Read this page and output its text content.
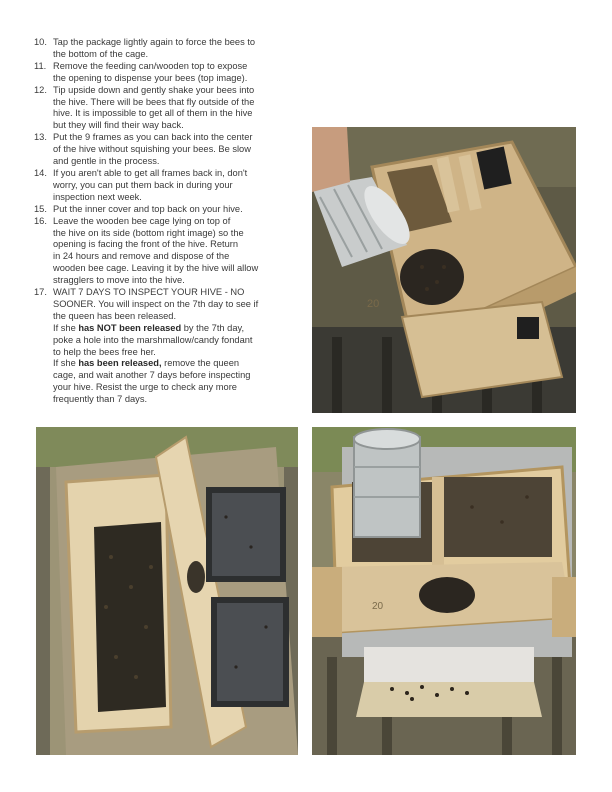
10. Tap the package lightly again to force the bees to
the bottom of the cage.
11. Remove the feeding can/wooden top to expose
the opening to dispense your bees (top image).
12. Tip upside down and gently shake your bees into
the hive. There will be bees that fly outside of the
hive. It is impossible to get all of them in the hive
but they will find their way back.
13. Put the 9 frames as you can back into the center
of the hive without squishing your bees. Be slow
and gentle in the process.
14. If you aren't able to get all frames back in, don't
worry, you can put them back in during your
inspection next week.
15. Put the inner cover and top back on your hive.
16. Leave the wooden bee cage lying on top of
the hive on its side (bottom right image) so the
opening is facing the front of the hive. Return
in 24 hours and remove and dispose of the
wooden bee cage. Leaving it by the hive will allow
stragglers to move into the hive.
17. WAIT 7 DAYS TO INSPECT YOUR HIVE - NO
SOONER. You will inspect on the 7th day to see if
the queen has been released.
If she has NOT been released by the 7th day,
poke a hole into the marshmallow/candy fondant
to help the bees free her.
If she has been released, remove the queen
cage, and wait another 7 days before inspecting
your hive. Resist the urge to check any more
frequently than 7 days.
20
20
